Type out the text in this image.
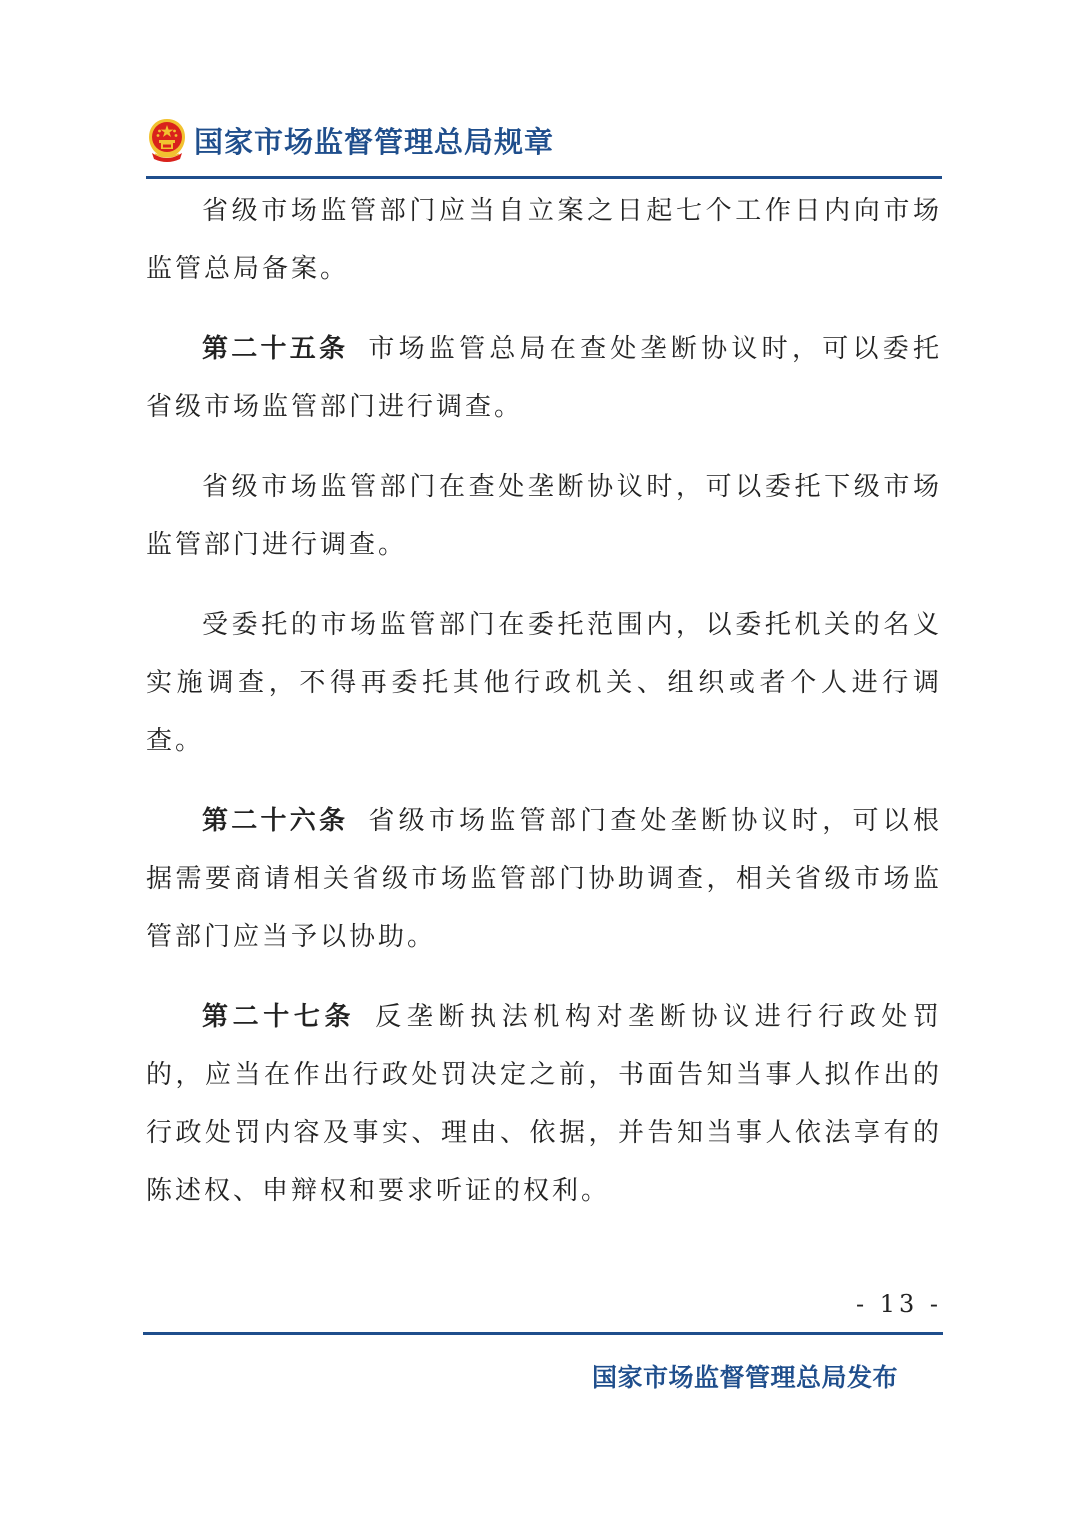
国家市场监督管理总局规章

省级市场监管部门应当自立案之日起七个工作日内向市场监管总局备案。

第二十五条 市场监管总局在查处垄断协议时，可以委托省级市场监管部门进行调查。

省级市场监管部门在查处垄断协议时，可以委托下级市场监管部门进行调查。

受委托的市场监管部门在委托范围内，以委托机关的名义实施调查，不得再委托其他行政机关、组织或者个人进行调查。

第二十六条 省级市场监管部门查处垄断协议时，可以根据需要商请相关省级市场监管部门协助调查，相关省级市场监管部门应当予以协助。

第二十七条 反垄断执法机构对垄断协议进行行政处罚的，应当在作出行政处罚决定之前，书面告知当事人拟作出的行政处罚内容及事实、理由、依据，并告知当事人依法享有的陈述权、申辩权和要求听证的权利。

- 13 -
国家市场监督管理总局发布
